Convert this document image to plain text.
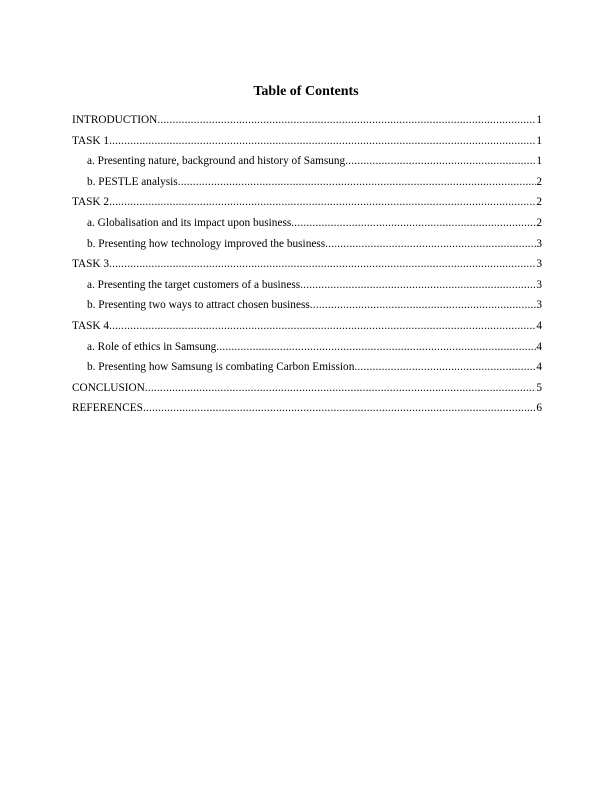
Table of Contents
INTRODUCTION .....	1
TASK 1 .....	1
a. Presenting nature, background and history of Samsung .....	1
b. PESTLE analysis .....	2
TASK 2 .....	2
a. Globalisation and its impact upon business .....	2
b. Presenting how technology improved the business .....	3
TASK 3 .....	3
a. Presenting the target customers of a business .....	3
b. Presenting two ways to attract chosen business .....	3
TASK 4 .....	4
a. Role of ethics in Samsung .....	4
b. Presenting how Samsung is combating Carbon Emission .....	4
CONCLUSION .....	5
REFERENCES .....	6
